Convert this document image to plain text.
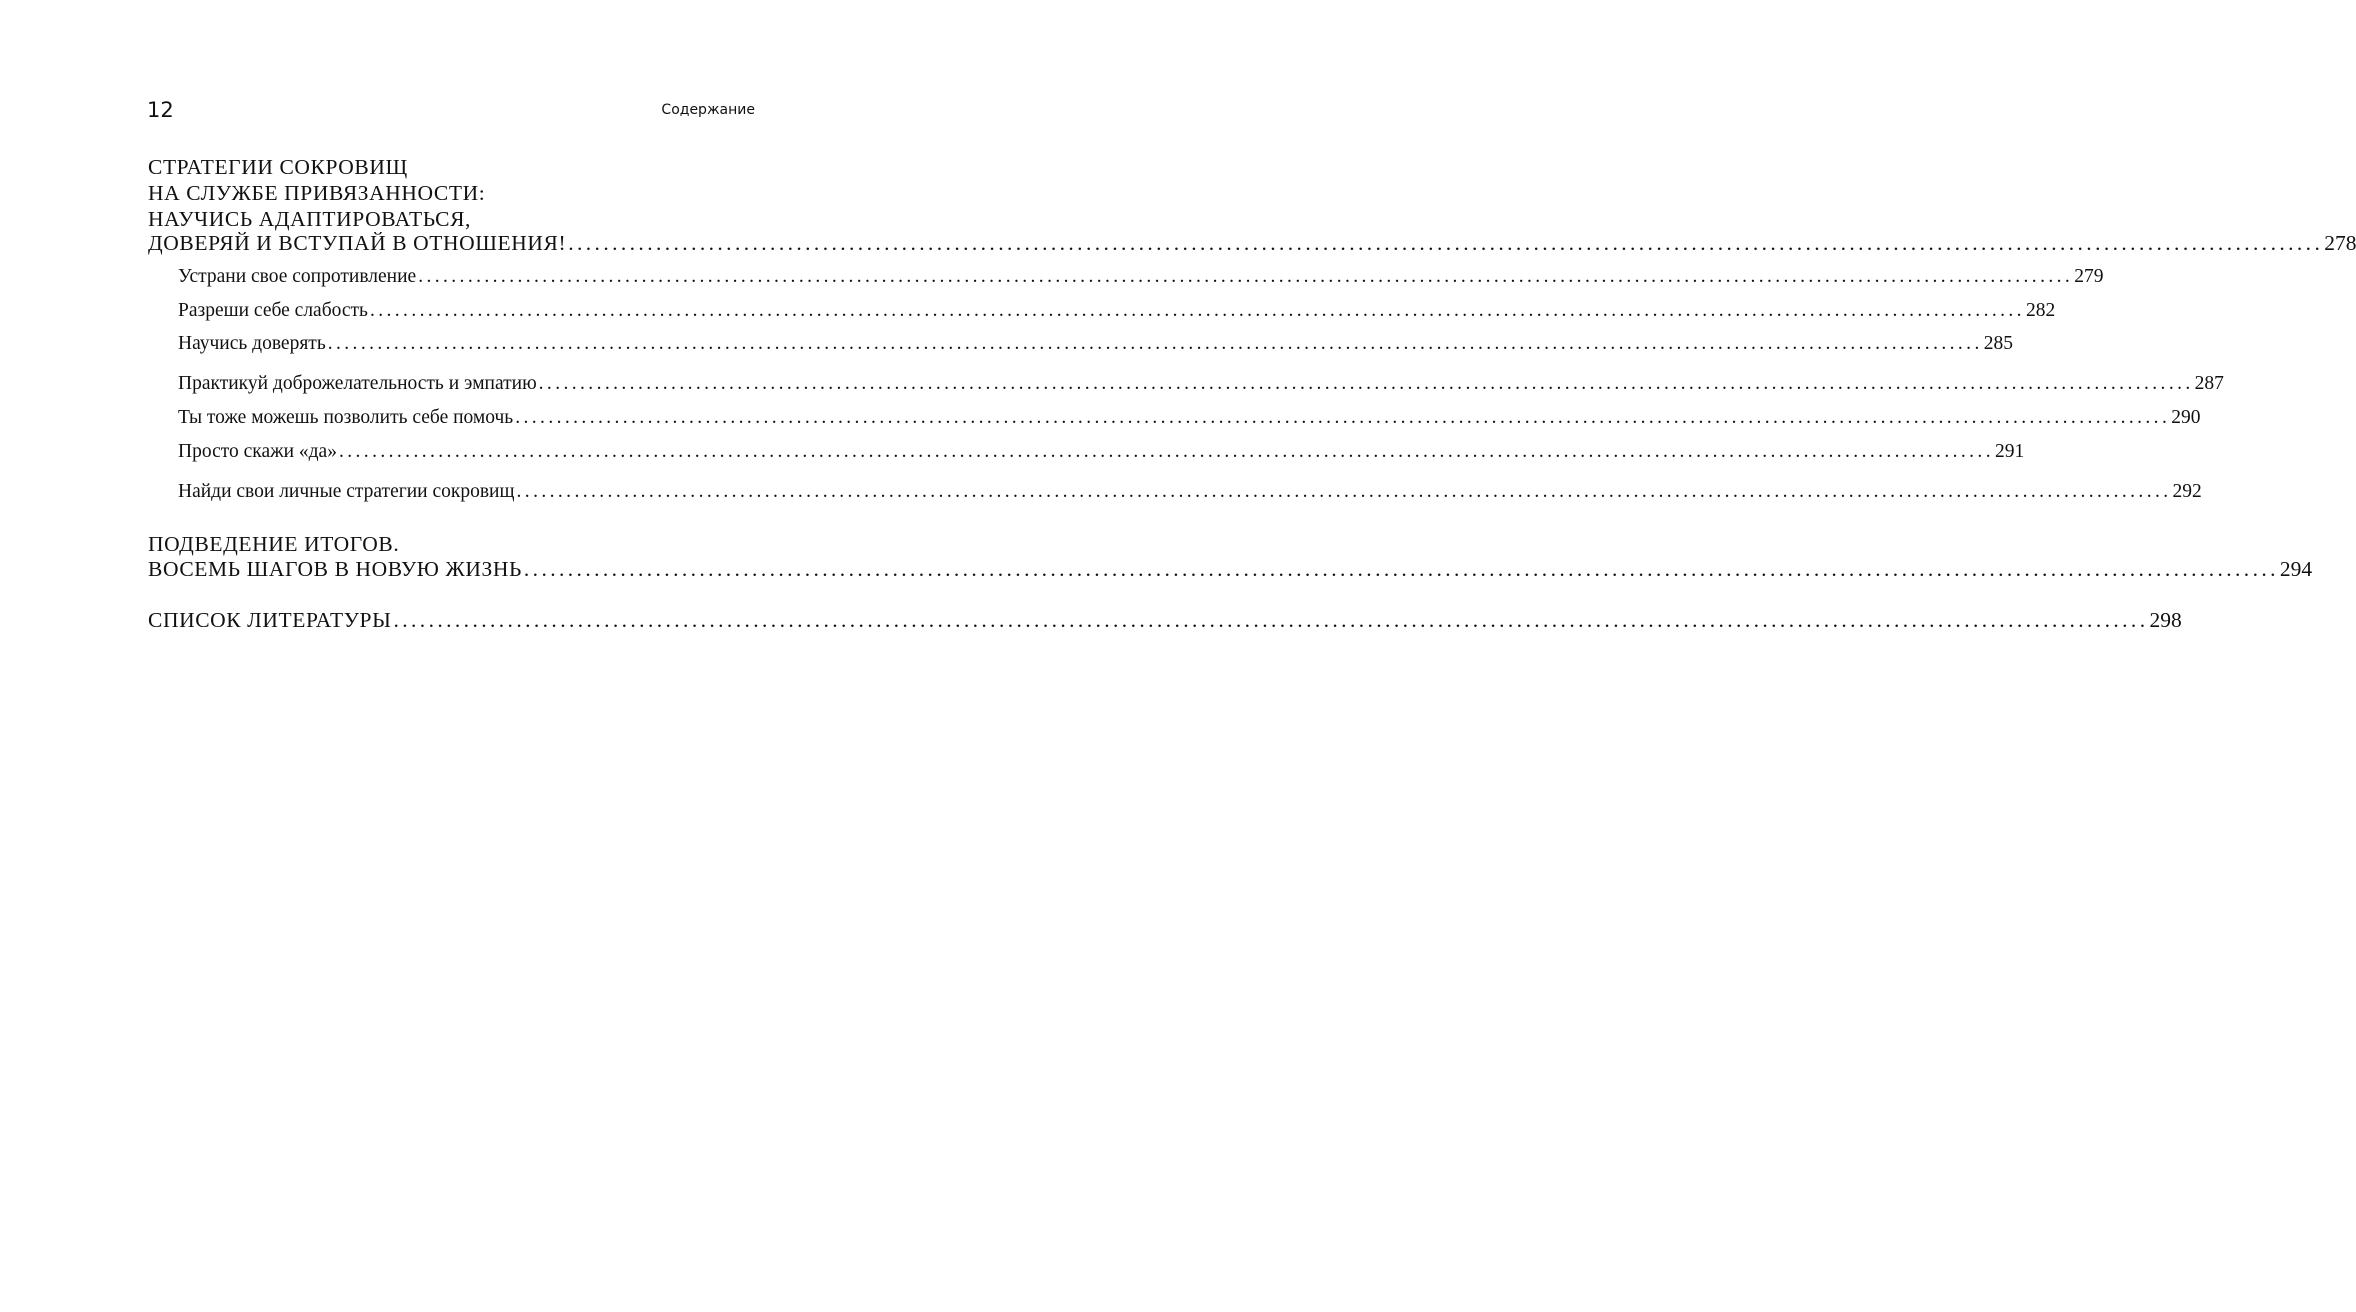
12	Содержание
СТРАТЕГИИ СОКРОВИЩ
НА СЛУЖБЕ ПРИВЯЗАННОСТИ:
НАУЧИСЬ АДАПТИРОВАТЬСЯ,
ДОВЕРЯЙ И ВСТУПАЙ В ОТНОШЕНИЯ! ........................................................................................................................................................................................................ 278
Устрани свое сопротивление ........................................................................................................................................................................................................ 279
Разреши себе слабость ........................................................................................................................................................................................................ 282
Научись доверять ........................................................................................................................................................................................................ 285
Практикуй доброжелательность и эмпатию ........................................................................................................................................................................................................ 287
Ты тоже можешь позволить себе помочь ........................................................................................................................................................................................................ 290
Просто скажи «да» ........................................................................................................................................................................................................ 291
Найди свои личные стратегии сокровищ ........................................................................................................................................................................................................ 292
ПОДВЕДЕНИЕ ИТОГОВ.
ВОСЕМЬ ШАГОВ В НОВУЮ ЖИЗНЬ ........................................................................................................................................................................................................ 294
СПИСОК ЛИТЕРАТУРЫ ........................................................................................................................................................................................................ 298
